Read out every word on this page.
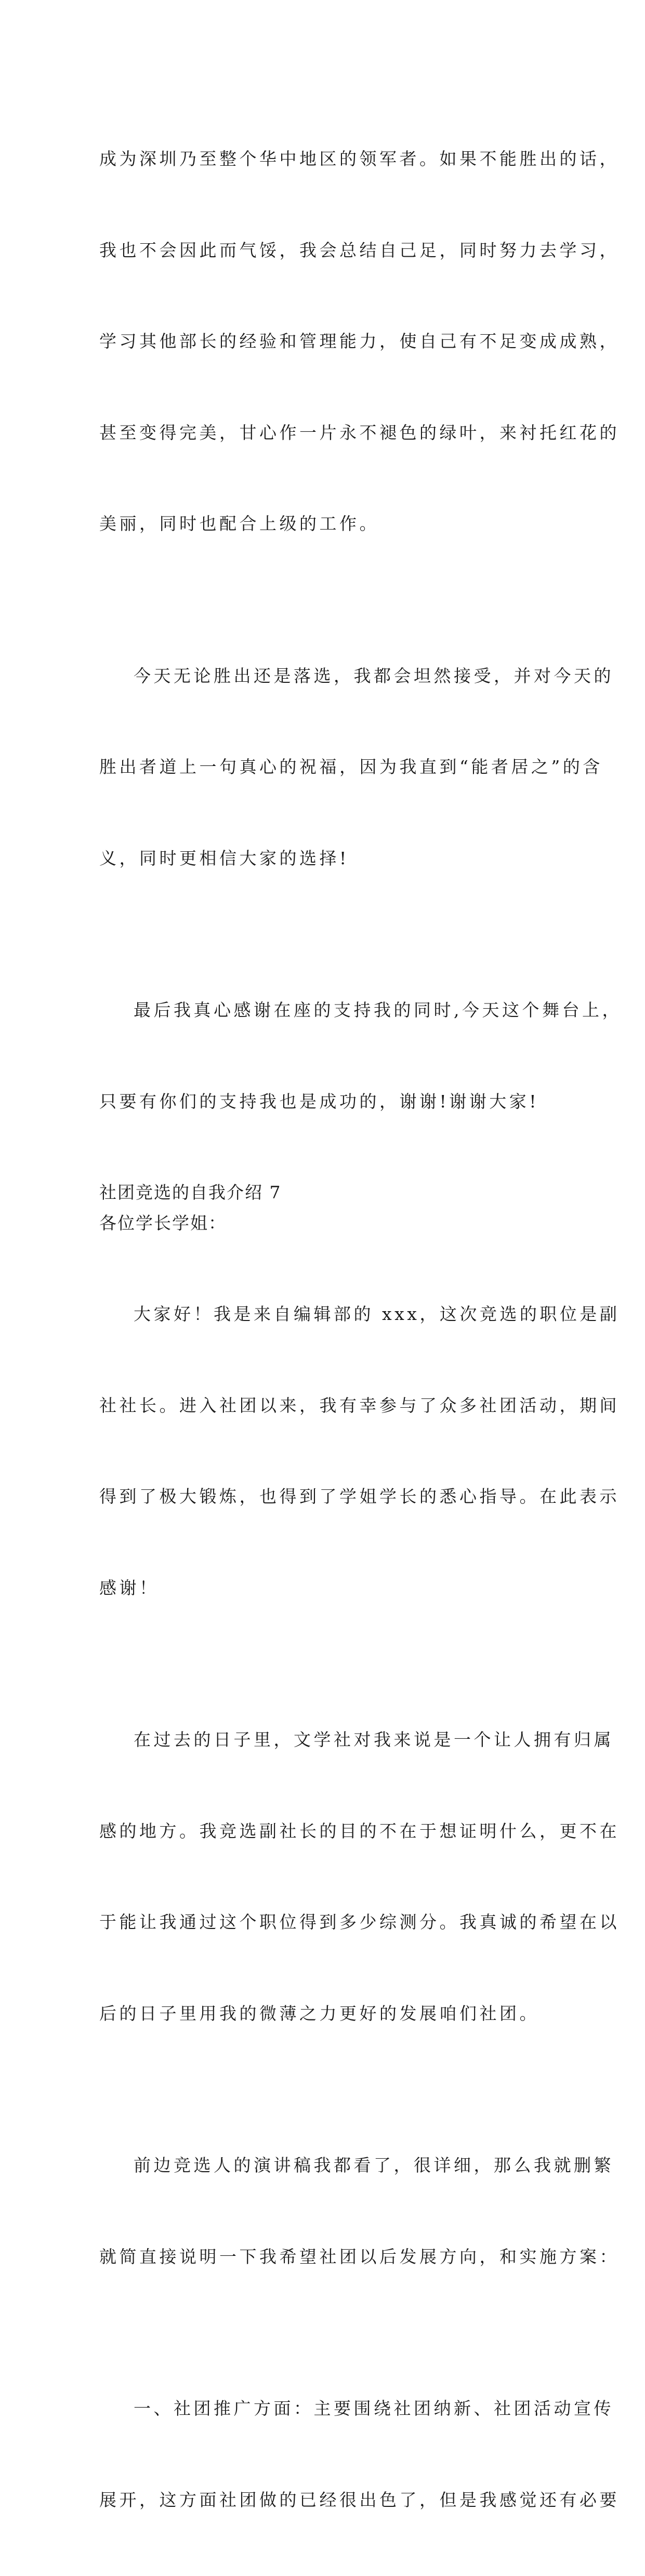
成为深圳乃至整个华中地区的领军者。如果不能胜出的话，

我也不会因此而气馁，我会总结自己足，同时努力去学习，

学习其他部长的经验和管理能力，使自己有不足变成成熟，

甚至变得完美，甘心作一片永不褪色的绿叶，来衬托红花的

美丽，同时也配合上级的工作。

今天无论胜出还是落选，我都会坦然接受，并对今天的

胜出者道上一句真心的祝福，因为我直到“能者居之”的含

义，同时更相信大家的选择!

最后我真心感谢在座的支持我的同时,今天这个舞台上，

只要有你们的支持我也是成功的，谢谢!谢谢大家!

社团竞选的自我介绍 7
各位学长学姐：

大家好！我是来自编辑部的 xxx，这次竞选的职位是副

社社长。进入社团以来，我有幸参与了众多社团活动，期间

得到了极大锻炼，也得到了学姐学长的悉心指导。在此表示

感谢！

在过去的日子里，文学社对我来说是一个让人拥有归属

感的地方。我竞选副社长的目的不在于想证明什么，更不在

于能让我通过这个职位得到多少综测分。我真诚的希望在以

后的日子里用我的微薄之力更好的发展咱们社团。

前边竞选人的演讲稿我都看了，很详细，那么我就删繁

就简直接说明一下我希望社团以后发展方向，和实施方案：

一、社团推广方面：主要围绕社团纳新、社团活动宣传

展开，这方面社团做的已经很出色了，但是我感觉还有必要
